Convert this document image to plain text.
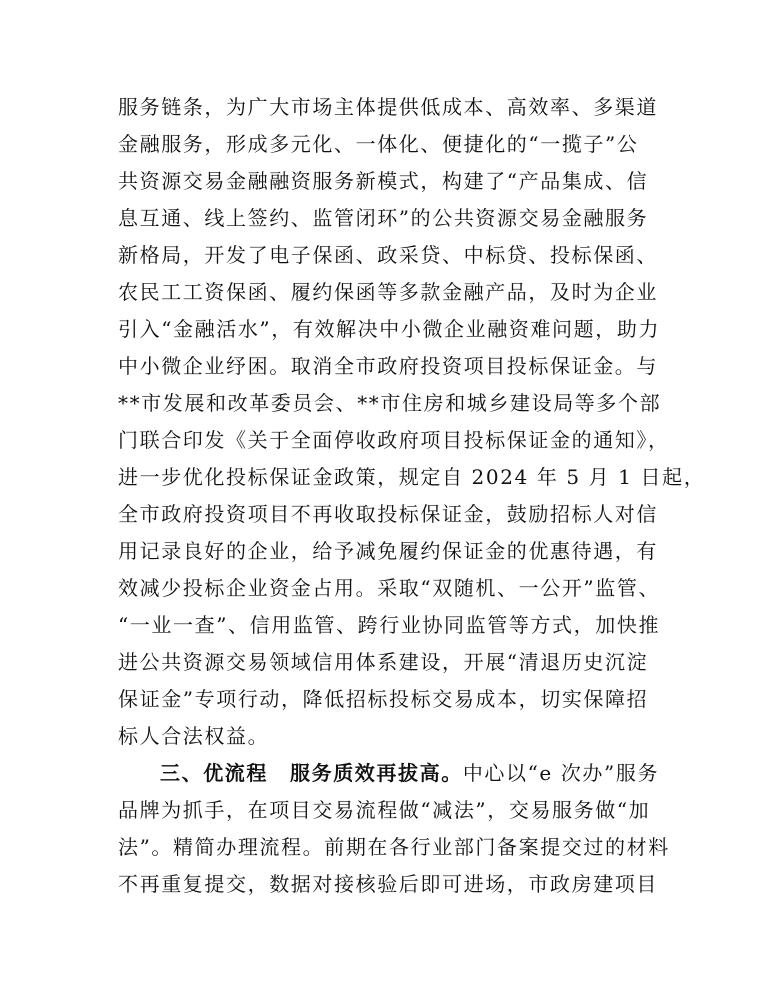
服务链条，为广大市场主体提供低成本、高效率、多渠道
金融服务，形成多元化、一体化、便捷化的“一揽子”公
共资源交易金融融资服务新模式，构建了“产品集成、信
息互通、线上签约、监管闭环”的公共资源交易金融服务
新格局，开发了电子保函、政采贷、中标贷、投标保函、
农民工工资保函、履约保函等多款金融产品，及时为企业
引入“金融活水”，有效解决中小微企业融资难问题，助力
中小微企业纾困。取消全市政府投资项目投标保证金。与
**市发展和改革委员会、**市住房和城乡建设局等多个部
门联合印发《关于全面停收政府项目投标保证金的通知》，
进一步优化投标保证金政策，规定自 2024 年 5 月 1 日起，
全市政府投资项目不再收取投标保证金，鼓励招标人对信
用记录良好的企业，给予减免履约保证金的优惠待遇，有
效减少投标企业资金占用。采取“双随机、一公开”监管、
“一业一查”、信用监管、跨行业协同监管等方式，加快推
进公共资源交易领域信用体系建设，开展“清退历史沉淀
保证金”专项行动，降低招标投标交易成本，切实保障招
标人合法权益。
三、优流程 服务质效再拔高。中心以“e 次办”服务
品牌为抓手，在项目交易流程做“减法”，交易服务做“加
法”。精简办理流程。前期在各行业部门备案提交过的材料
不再重复提交，数据对接核验后即可进场，市政房建项目
